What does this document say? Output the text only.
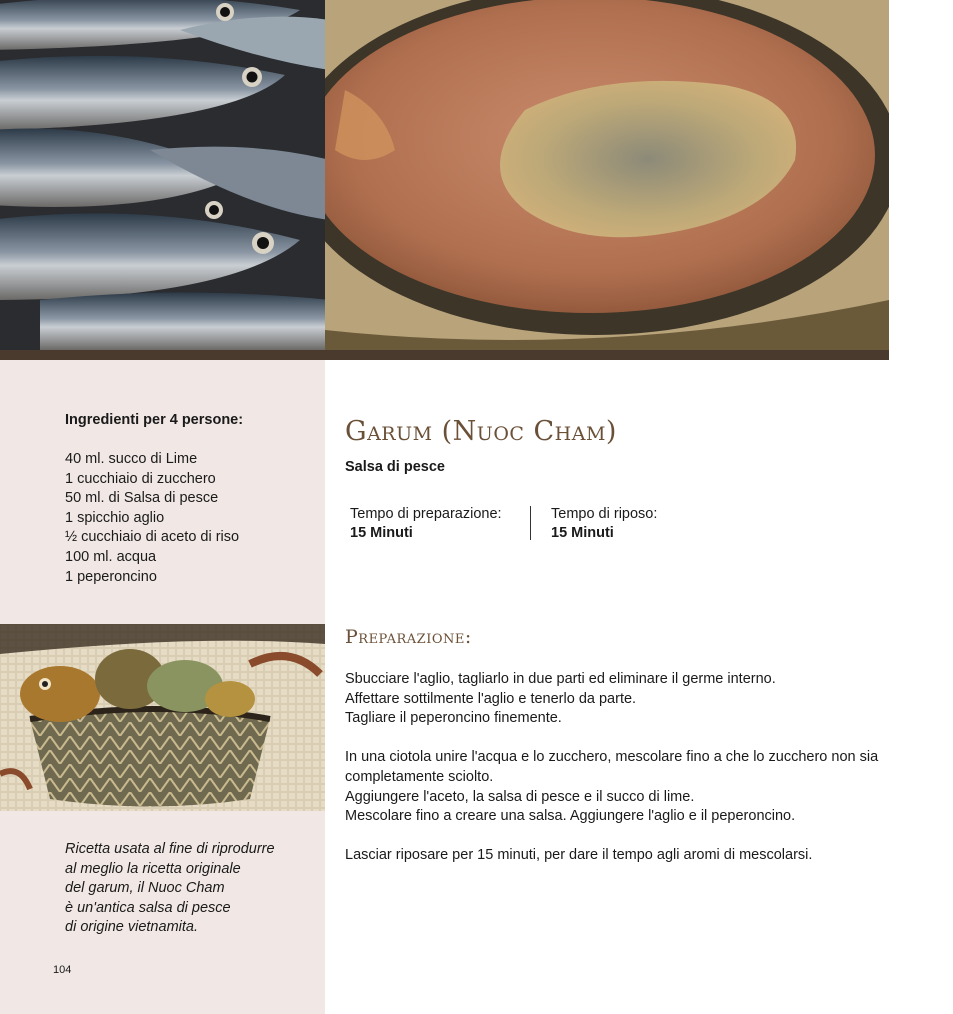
Ingredienti per 4 persone:
40 ml. succo di Lime
1 cucchiaio di zucchero
50 ml. di Salsa di pesce
1 spicchio aglio
½ cucchiaio di aceto di riso
100 ml. acqua
1 peperoncino
Ricetta usata al fine di riprodurre
al meglio la ricetta originale
del garum, il Nuoc Cham
è un'antica salsa di pesce
di origine vietnamita.
104
Garum (Nuoc Cham)
Salsa di pesce
Tempo di preparazione:
15 Minuti
Tempo di riposo:
15 Minuti
Preparazione:

Sbucciare l'aglio, tagliarlo in due parti ed eliminare il germe interno.

Affettare sottilmente l'aglio e tenerlo da parte.

Tagliare il peperoncino finemente.

In una ciotola unire l'acqua e lo zucchero, mescolare fino a che lo zucchero non sia completamente sciolto.

Aggiungere l'aceto, la salsa di pesce e il succo di lime.

Mescolare fino a creare una salsa. Aggiungere l'aglio e il peperoncino.

Lasciar riposare per 15 minuti, per dare il tempo agli aromi di mescolarsi.
